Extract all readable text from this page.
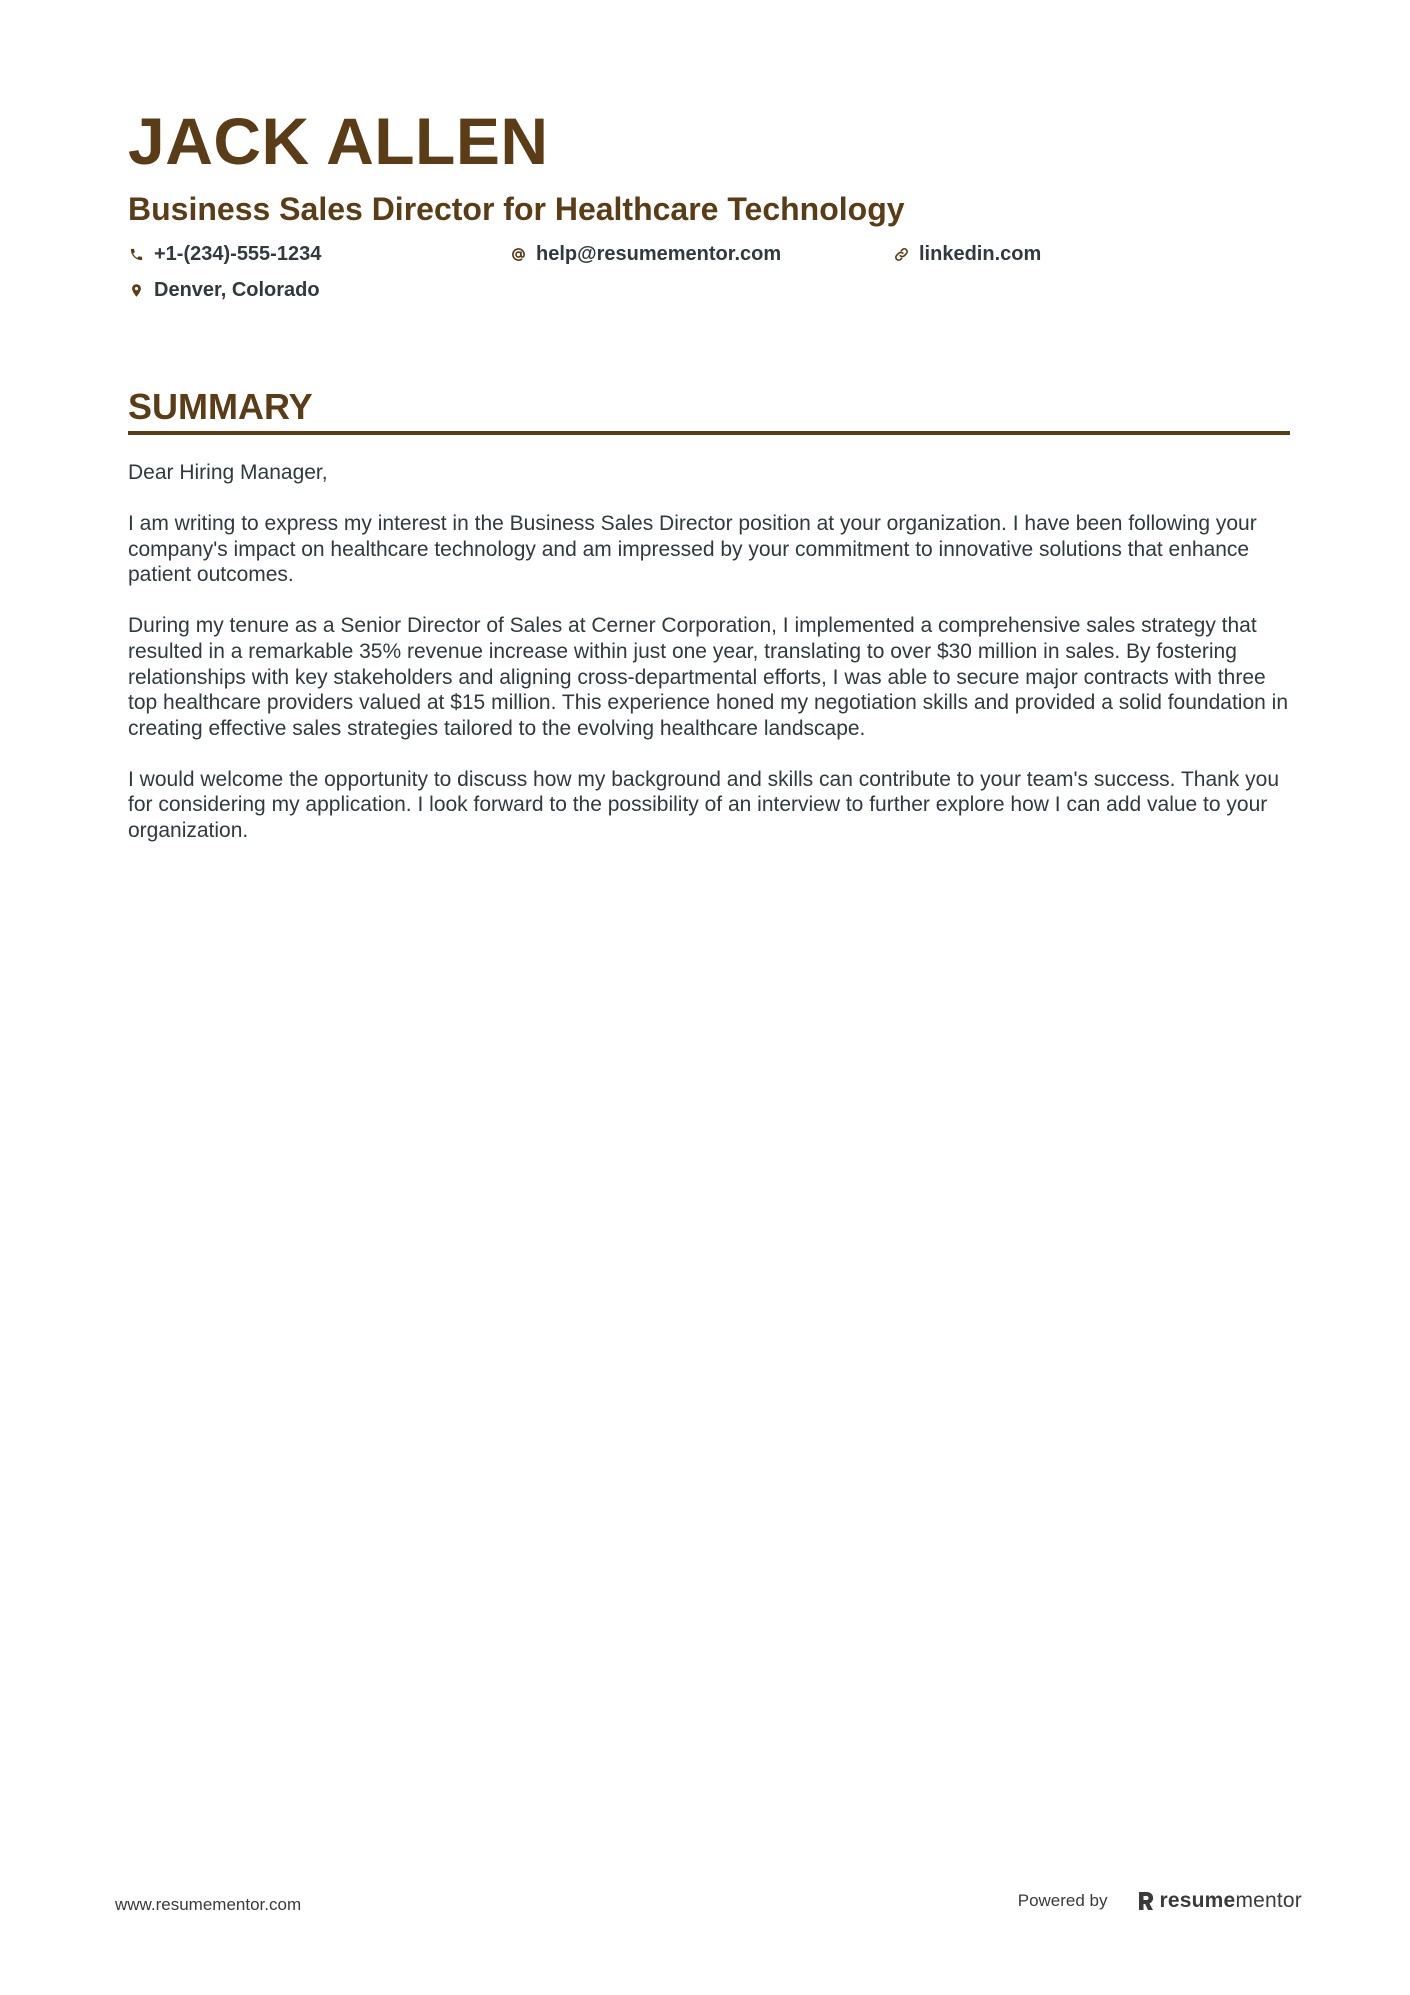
JACK ALLEN
Business Sales Director for Healthcare Technology
+1-(234)-555-1234	help@resumementor.com	linkedin.com
Denver, Colorado
SUMMARY

Dear Hiring Manager,

I am writing to express my interest in the Business Sales Director position at your organization. I have been following your company's impact on healthcare technology and am impressed by your commitment to innovative solutions that enhance patient outcomes.

During my tenure as a Senior Director of Sales at Cerner Corporation, I implemented a comprehensive sales strategy that resulted in a remarkable 35% revenue increase within just one year, translating to over $30 million in sales. By fostering relationships with key stakeholders and aligning cross-departmental efforts, I was able to secure major contracts with three top healthcare providers valued at $15 million. This experience honed my negotiation skills and provided a solid foundation in creating effective sales strategies tailored to the evolving healthcare landscape.

I would welcome the opportunity to discuss how my background and skills can contribute to your team's success. Thank you for considering my application. I look forward to the possibility of an interview to further explore how I can add value to your organization.

www.resumementor.com	Powered by resumementor
